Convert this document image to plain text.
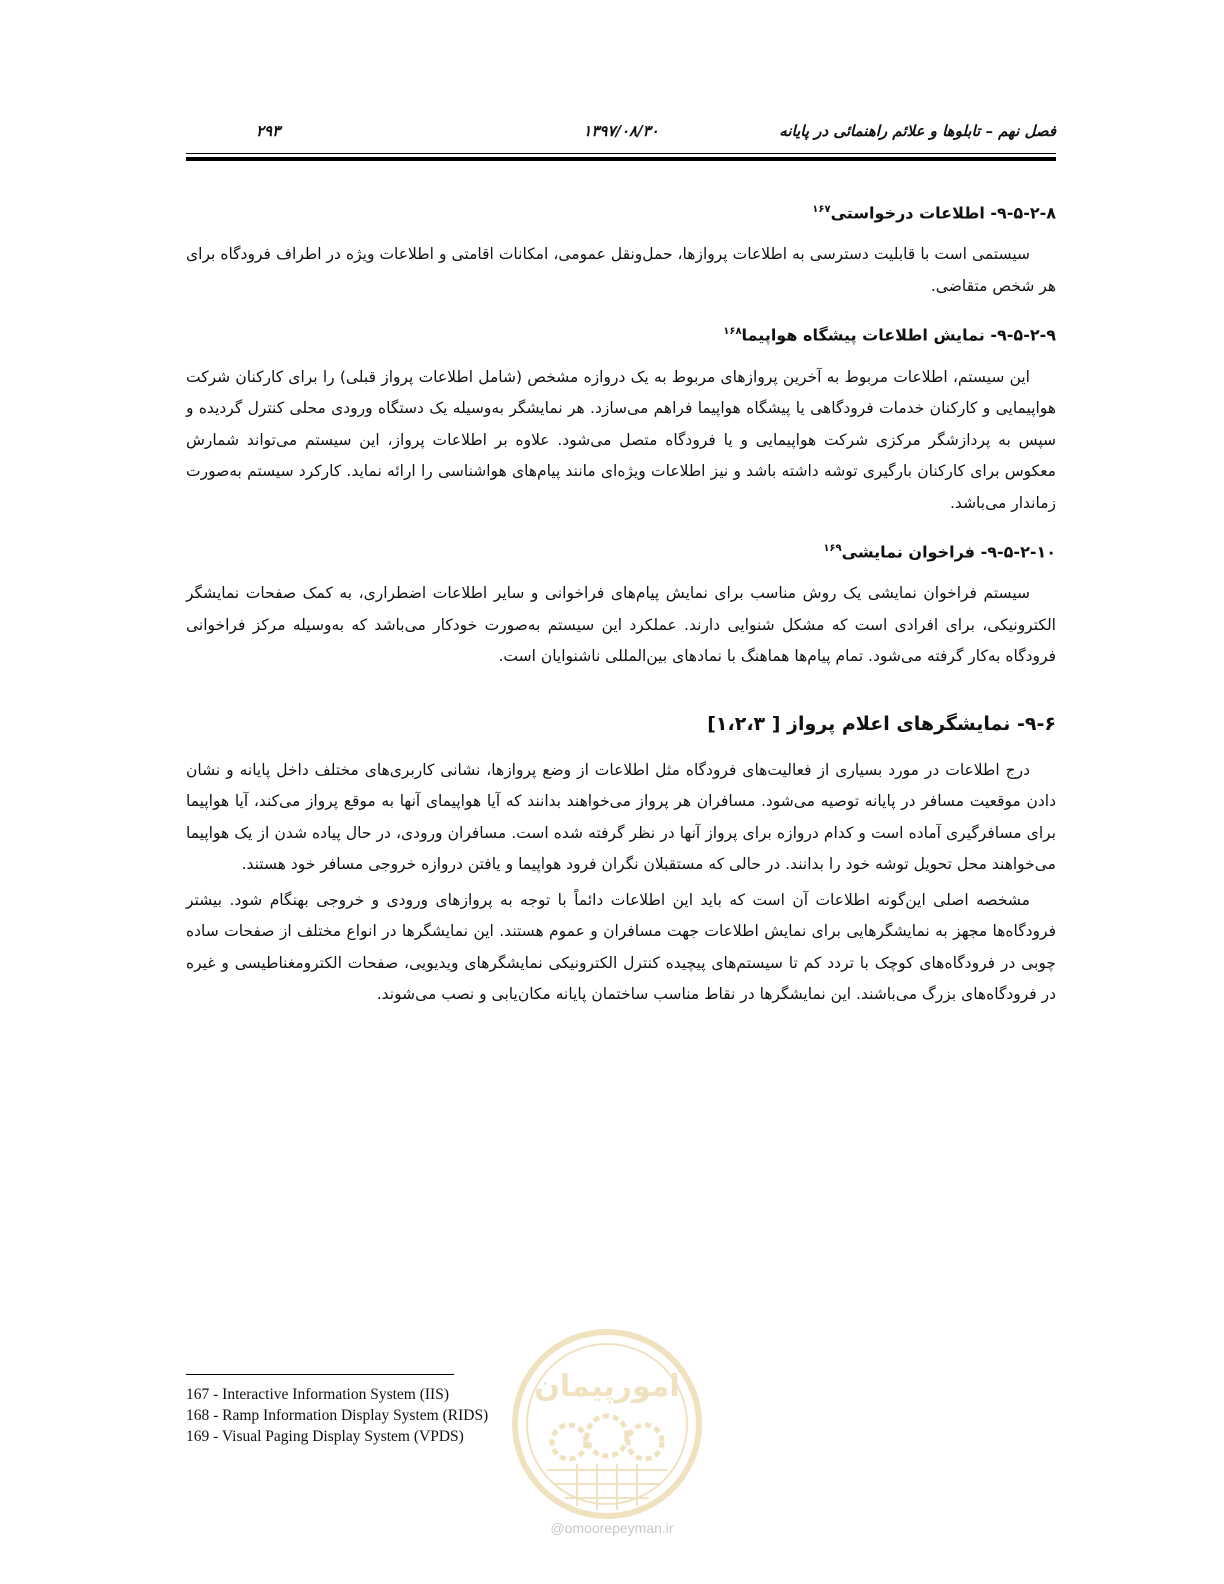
فصل نهم – تابلوها و علائم راهنمائی در پایانه
۱۳۹۷/۰۸/۳۰
۲۹۳
۹-۵-۲-۸- اطلاعات درخواستی$^{۱۶۷}$

سیستمی است با قابلیت دسترسی به اطلاعات پروازها، حمل‌ونقل عمومی، امکانات اقامتی و اطلاعات ویژه در اطراف فرودگاه برای هر شخص متقاضی.

۹-۵-۲-۹- نمایش اطلاعات پیشگاه هواپیما$^{۱۶۸}$

این سیستم، اطلاعات مربوط به آخرین پروازهای مربوط به یک دروازه مشخص (شامل اطلاعات پرواز قبلی) را برای کارکنان شرکت هواپیمایی و کارکنان خدمات فرودگاهی یا پیشگاه هواپیما فراهم می‌سازد. هر نمایشگر به‌وسیله یک دستگاه ورودی محلی کنترل گردیده و سپس به پردازشگر مرکزی شرکت هواپیمایی و یا فرودگاه متصل می‌شود. علاوه بر اطلاعات پرواز، این سیستم می‌تواند شمارش معکوس برای کارکنان بارگیری توشه داشته باشد و نیز اطلاعات ویژه‌ای مانند پیام‌های هواشناسی را ارائه نماید. کارکرد سیستم به‌صورت زماندار می‌باشد.

۹-۵-۲-۱۰- فراخوان نمایشی$^{۱۶۹}$

سیستم فراخوان نمایشی یک روش مناسب برای نمایش پیام‌های فراخوانی و سایر اطلاعات اضطراری، به کمک صفحات نمایشگر الکترونیکی، برای افرادی است که مشکل شنوایی دارند. عملکرد این سیستم به‌صورت خودکار می‌باشد که به‌وسیله مرکز فراخوانی فرودگاه به‌کار گرفته می‌شود. تمام پیام‌ها هماهنگ با نمادهای بین‌المللی ناشنوایان است.

۹-۶- نمایشگرهای اعلام پرواز [ ۱،۲،۳]

درج اطلاعات در مورد بسیاری از فعالیت‌های فرودگاه مثل اطلاعات از وضع پروازها، نشانی کاربری‌های مختلف داخل پایانه و نشان دادن موقعیت مسافر در پایانه توصیه می‌شود. مسافران هر پرواز می‌خواهند بدانند که آیا هواپیمای آنها به موقع پرواز می‌کند، آیا هواپیما برای مسافرگیری آماده است و کدام دروازه برای پرواز آنها در نظر گرفته شده است. مسافران ورودی، در حال پیاده شدن از یک هواپیما می‌خواهند محل تحویل توشه خود را بدانند. در حالی که مستقبلان نگران فرود هواپیما و یافتن دروازه خروجی مسافر خود هستند.

مشخصه اصلی این‌گونه اطلاعات آن است که باید این اطلاعات دائماً با توجه به پروازهای ورودی و خروجی بهنگام شود. بیشتر فرودگاه‌ها مجهز به نمایشگرهایی برای نمایش اطلاعات جهت مسافران و عموم هستند. این نمایشگرها در انواع مختلف از صفحات ساده چوبی در فرودگاه‌های کوچک با تردد کم تا سیستم‌های پیچیده کنترل الکترونیکی نمایشگرهای ویدیویی، صفحات الکترومغناطیسی و غیره در فرودگاه‌های بزرگ می‌باشند. این نمایشگرها در نقاط مناسب ساختمان پایانه مکان‌یابی و نصب می‌شوند.

167 - Interactive Information System (IIS)
168 - Ramp Information Display System (RIDS)
169 - Visual Paging Display System (VPDS)
امورپیمان
@omoorepeyman.ir
